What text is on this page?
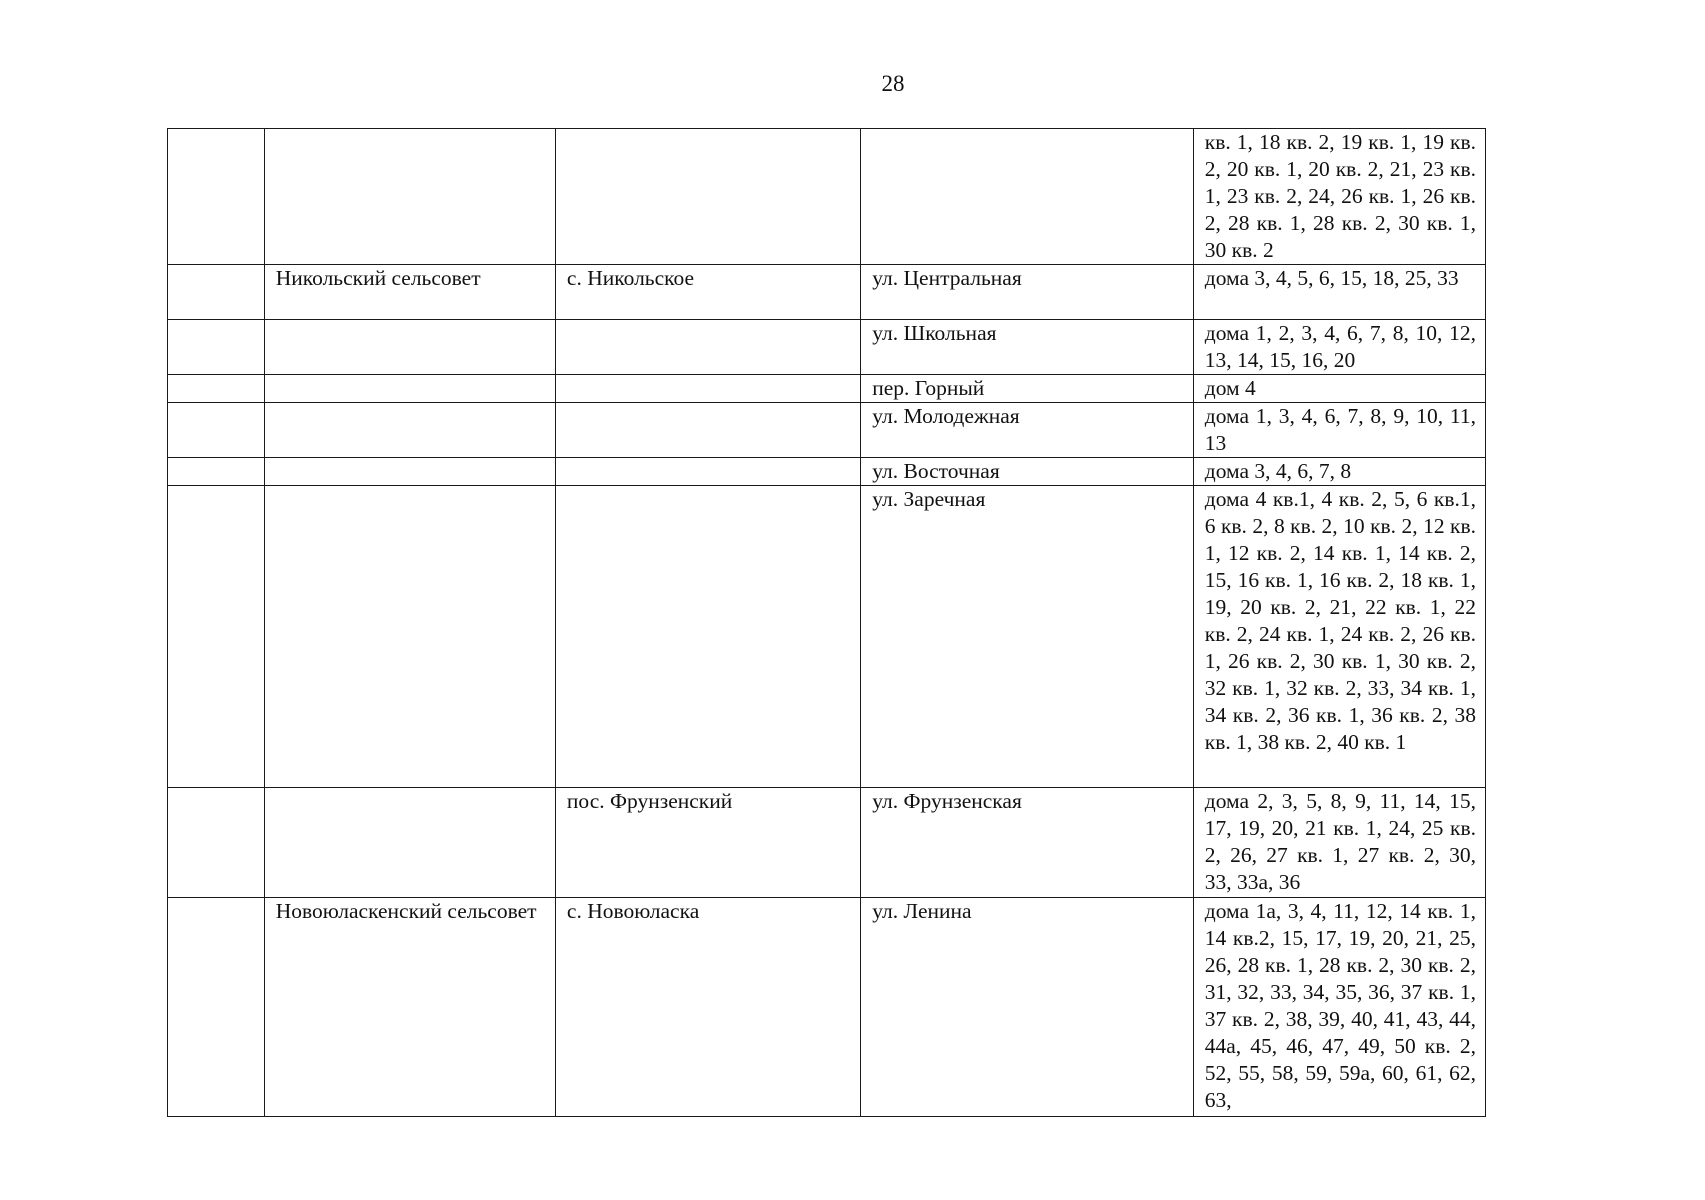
28
				кв. 1, 18 кв. 2, 19 кв. 1, 19 кв. 2, 20 кв. 1, 20 кв. 2, 21, 23 кв. 1, 23 кв. 2, 24, 26 кв. 1, 26 кв. 2, 28 кв. 1, 28 кв. 2, 30 кв. 1, 30 кв. 2
	Никольский сельсовет	с. Никольское	ул. Центральная	дома 3, 4, 5, 6, 15, 18, 25, 33
			ул. Школьная	дома 1, 2, 3, 4, 6, 7, 8, 10, 12, 13, 14, 15, 16, 20
			пер. Горный	дом 4
			ул. Молодежная	дома 1, 3, 4, 6, 7, 8, 9, 10, 11, 13
			ул. Восточная	дома 3, 4, 6, 7, 8
			ул. Заречная	дома 4 кв.1, 4 кв. 2, 5, 6 кв.1, 6 кв. 2, 8 кв. 2, 10 кв. 2, 12 кв. 1, 12 кв. 2, 14 кв. 1, 14 кв. 2, 15, 16 кв. 1, 16 кв. 2, 18 кв. 1, 19, 20 кв. 2, 21, 22 кв. 1, 22 кв. 2, 24 кв. 1, 24 кв. 2, 26 кв. 1, 26 кв. 2, 30 кв. 1, 30 кв. 2, 32 кв. 1, 32 кв. 2, 33, 34 кв. 1, 34 кв. 2, 36 кв. 1, 36 кв. 2, 38 кв. 1, 38 кв. 2, 40 кв. 1
		пос. Фрунзенский	ул. Фрунзенская	дома 2, 3, 5, 8, 9, 11, 14, 15, 17, 19, 20, 21 кв. 1, 24, 25 кв. 2, 26, 27 кв. 1, 27 кв. 2, 30, 33, 33а, 36
	Новоюласкенский сельсовет	с. Новоюласка	ул. Ленина	дома 1а, 3, 4, 11, 12, 14 кв. 1, 14 кв.2, 15, 17, 19, 20, 21, 25, 26, 28 кв. 1, 28 кв. 2, 30 кв. 2, 31, 32, 33, 34, 35, 36, 37 кв. 1, 37 кв. 2, 38, 39, 40, 41, 43, 44, 44а, 45, 46, 47, 49, 50 кв. 2, 52, 55, 58, 59, 59а, 60, 61, 62, 63,
